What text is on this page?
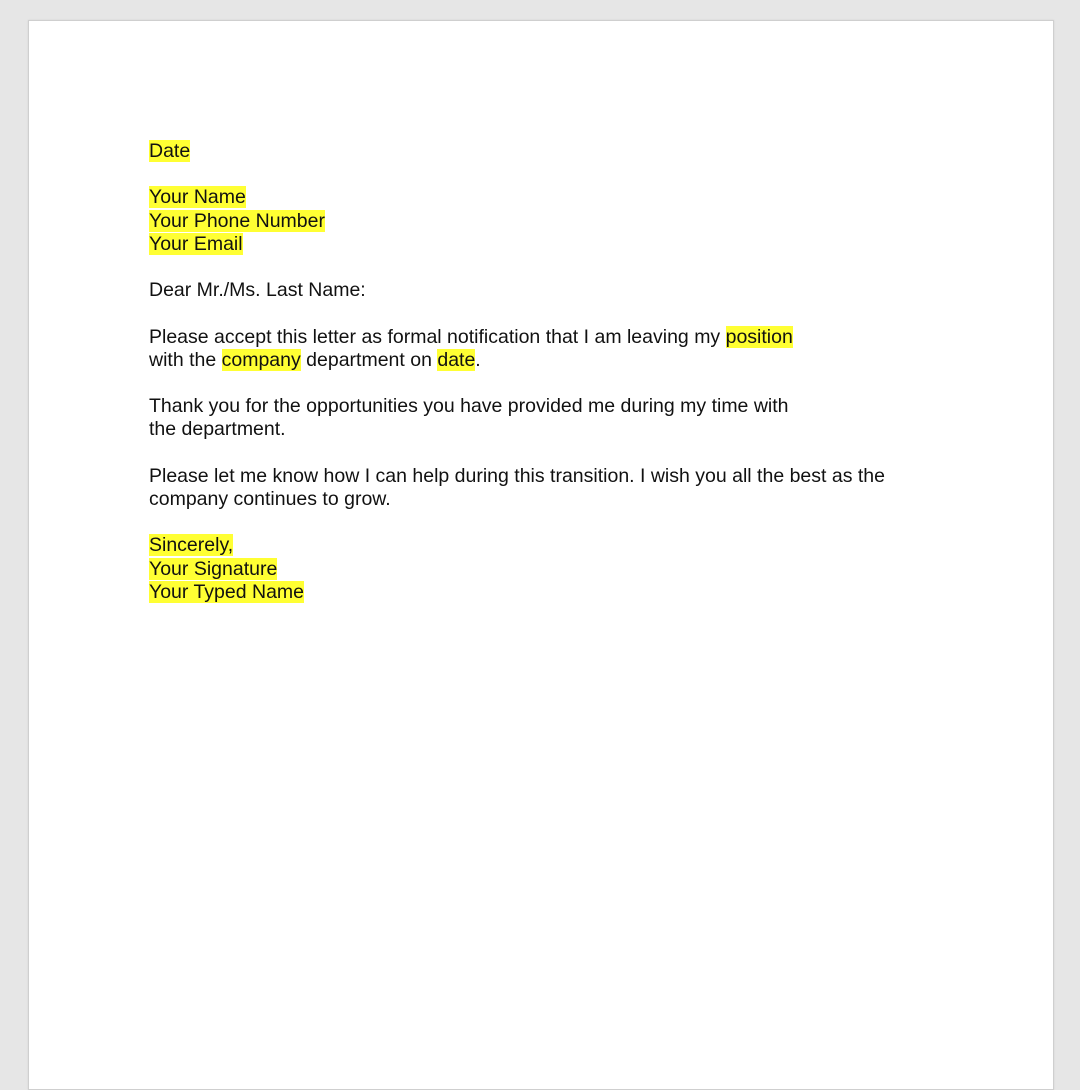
Date
Your Name
Your Phone Number
Your Email
Dear Mr./Ms. Last Name:
Please accept this letter as formal notification that I am leaving my position
with the company department on date.
Thank you for the opportunities you have provided me during my time with
the department.
Please let me know how I can help during this transition. I wish you all the best as the
company continues to grow.
Sincerely,
Your Signature
Your Typed Name
